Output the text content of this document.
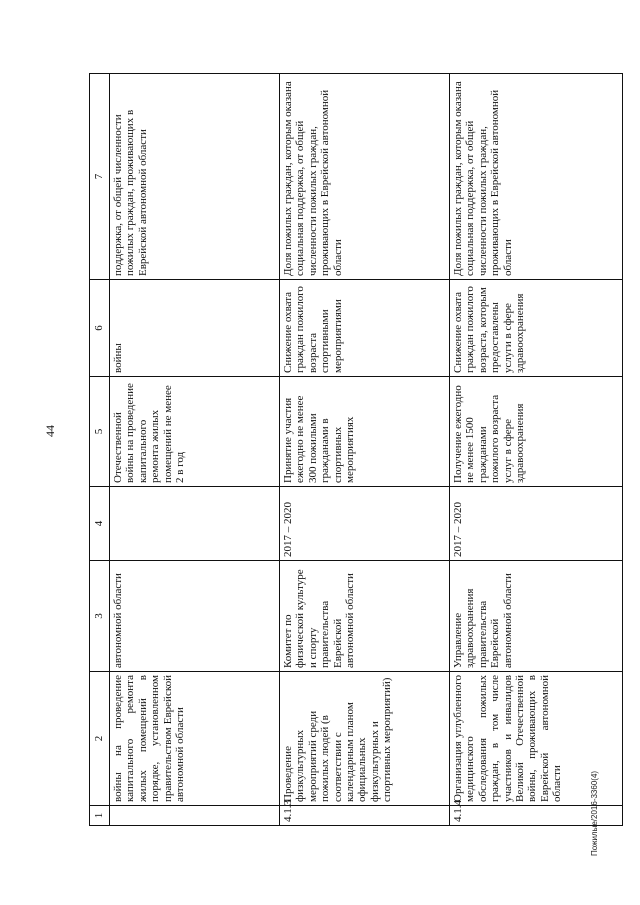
44
Пожилые/2016-3360(4)
1	2	3	4	5	6	7
	войны на проведение капитального ремонта жилых помещений в порядке, установленном правительством Еврейской автономной области	автономной области		Отечественной войны на проведение капитального ремонта жилых помещений не менее 2 в год	войны	поддержка, от общей численности пожилых граждан, проживающих в Еврейской автономной области
4.1.3	Проведение физкультурных мероприятий среди пожилых людей (в соответствии с календарным планом официальных физкультурных и спортивных мероприятий)	Комитет по физической культуре и спорту правительства Еврейской автономной области	2017 – 2020	Принятие участия ежегодно не менее 300 пожилыми гражданами в спортивных мероприятиях	Снижение охвата граждан пожилого возраста спортивными мероприятиями	Доля пожилых граждан, которым оказана социальная поддержка, от общей численности пожилых граждан, проживающих в Еврейской автономной области
4.1.4	Организация углубленного медицинского обследования пожилых граждан, в том числе участников и инвалидов Великой Отечественной войны, проживающих в Еврейской автономной области	Управление здравоохранения правительства Еврейской автономной области	2017 – 2020	Получение ежегодно не менее 1500 гражданами пожилого возраста услуг в сфере здравоохранения	Снижение охвата граждан пожилого возраста, которым предоставлены услуги в сфере здравоохранения	Доля пожилых граждан, которым оказана социальная поддержка, от общей численности пожилых граждан, проживающих в Еврейской автономной области
